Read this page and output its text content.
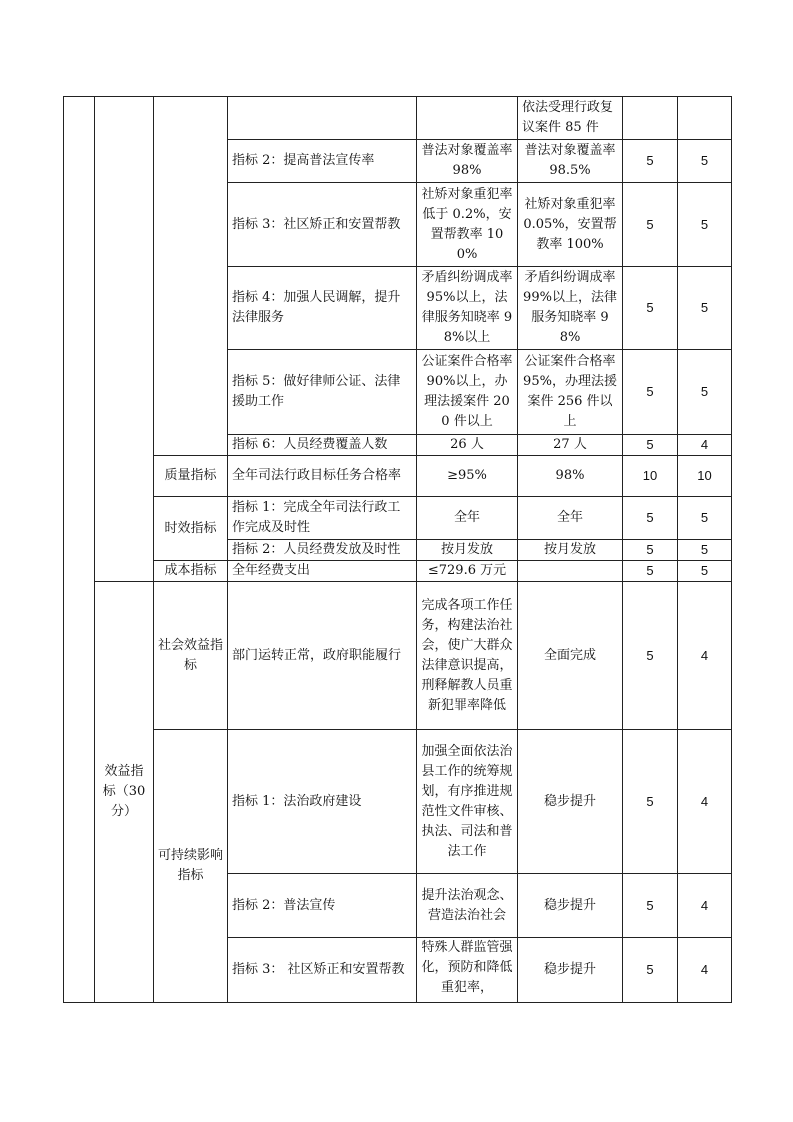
					依法受理行政复议案件 85 件		
			指标 2：提高普法宣传率	普法对象覆盖率 98%	普法对象覆盖率 98.5%	5	5
			指标 3：社区矫正和安置帮教	社矫对象重犯率低于 0.2%，安置帮教率 100%	社矫对象重犯率 0.05%，安置帮教率 100%	5	5
			指标 4：加强人民调解，提升法律服务	矛盾纠纷调成率 95%以上，法律服务知晓率 98%以上	矛盾纠纷调成率 99%以上，法律服务知晓率 98%	5	5
			指标 5：做好律师公证、法律援助工作	公证案件合格率 90%以上，办理法援案件 200 件以上	公证案件合格率 95%，办理法援案件 256 件以上	5	5
			指标 6：人员经费覆盖人数	26 人	27 人	5	4
		质量指标	全年司法行政目标任务合格率	≥95%	98%	10	10
		时效指标	指标 1：完成全年司法行政工作完成及时性	全年	全年	5	5
			指标 2：人员经费发放及时性	按月发放	按月发放	5	5
		成本指标	全年经费支出	≤729.6 万元		5	5
	效益指标（30分）	社会效益指标	部门运转正常，政府职能履行	完成各项工作任务，构建法治社会，使广大群众法律意识提高，刑释解教人员重新犯罪率降低	全面完成	5	4
		可持续影响指标	指标 1：法治政府建设	加强全面依法治县工作的统筹规划，有序推进规范性文件审核、执法、司法和普法工作	稳步提升	5	4
			指标 2：普法宣传	提升法治观念、营造法治社会	稳步提升	5	4
			指标 3： 社区矫正和安置帮教	特殊人群监管强化，预防和降低重犯率，	稳步提升	5	4
